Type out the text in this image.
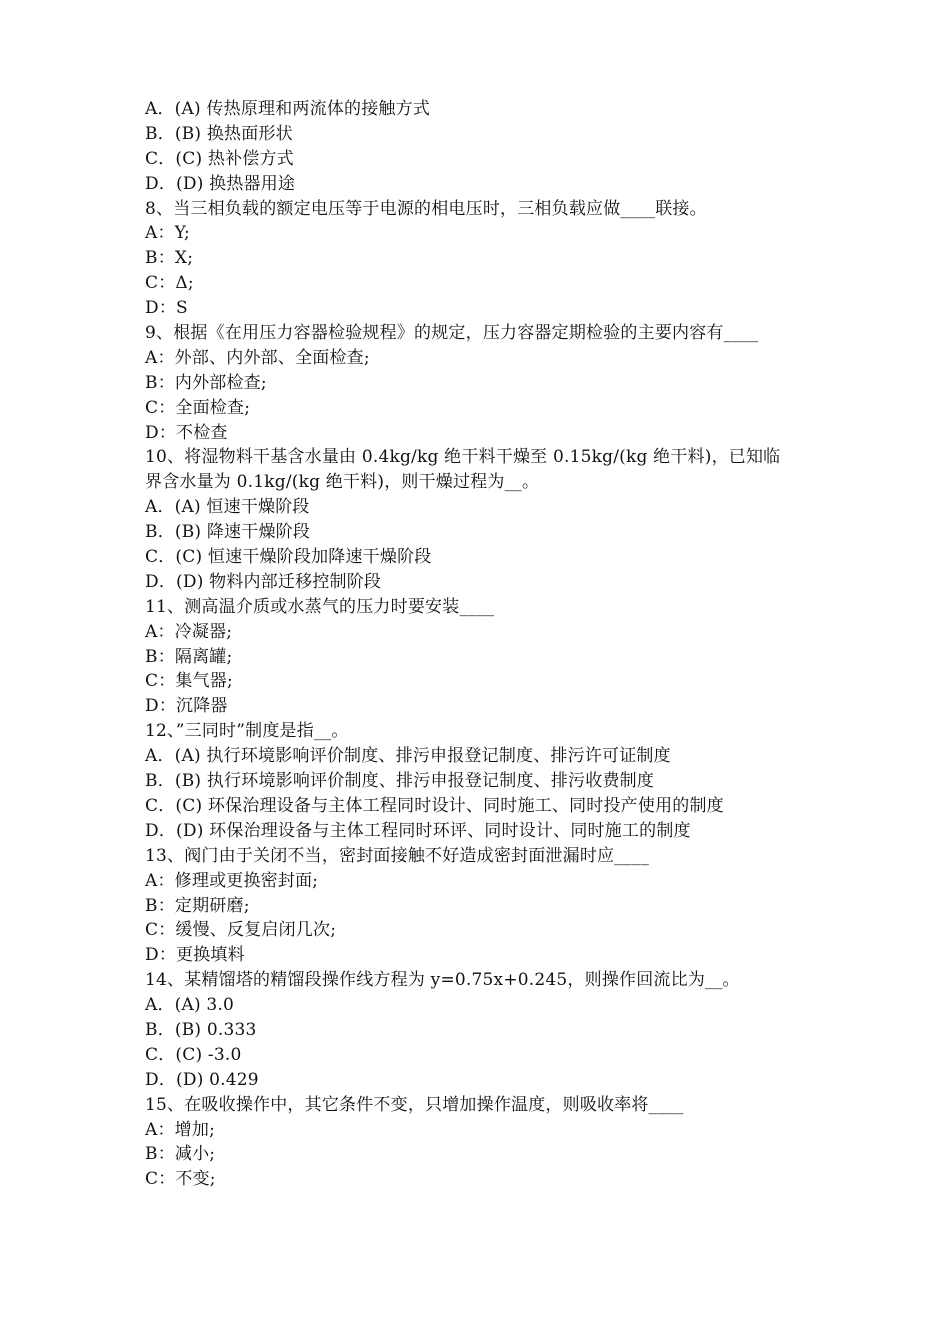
A．(A) 传热原理和两流体的接触方式
B．(B) 换热面形状
C．(C) 热补偿方式
D．(D) 换热器用途
8、当三相负载的额定电压等于电源的相电压时，三相负载应做____联接。
A：Y;
B：X;
C：Δ;
D：S
9、根据《在用压力容器检验规程》的规定，压力容器定期检验的主要内容有____
A：外部、内外部、全面检查;
B：内外部检查;
C：全面检查;
D：不检查
10、将湿物料干基含水量由 0.4kg/kg 绝干料干燥至 0.15kg/(kg 绝干料)，已知临
界含水量为 0.1kg/(kg 绝干料)，则干燥过程为__。
A．(A) 恒速干燥阶段
B．(B) 降速干燥阶段
C．(C) 恒速干燥阶段加降速干燥阶段
D．(D) 物料内部迁移控制阶段
11、测高温介质或水蒸气的压力时要安装____
A：冷凝器;
B：隔离罐;
C：集气器;
D：沉降器
12、”三同时”制度是指__。
A．(A) 执行环境影响评价制度、排污申报登记制度、排污许可证制度
B．(B) 执行环境影响评价制度、排污申报登记制度、排污收费制度
C．(C) 环保治理设备与主体工程同时设计、同时施工、同时投产使用的制度
D．(D) 环保治理设备与主体工程同时环评、同时设计、同时施工的制度
13、阀门由于关闭不当，密封面接触不好造成密封面泄漏时应____
A：修理或更换密封面;
B：定期研磨;
C：缓慢、反复启闭几次;
D：更换填料
14、某精馏塔的精馏段操作线方程为 y=0.75x+0.245，则操作回流比为__。
A．(A) 3.0
B．(B) 0.333
C．(C) -3.0
D．(D) 0.429
15、在吸收操作中，其它条件不变，只增加操作温度，则吸收率将____
A：增加;
B：减小;
C：不变;
